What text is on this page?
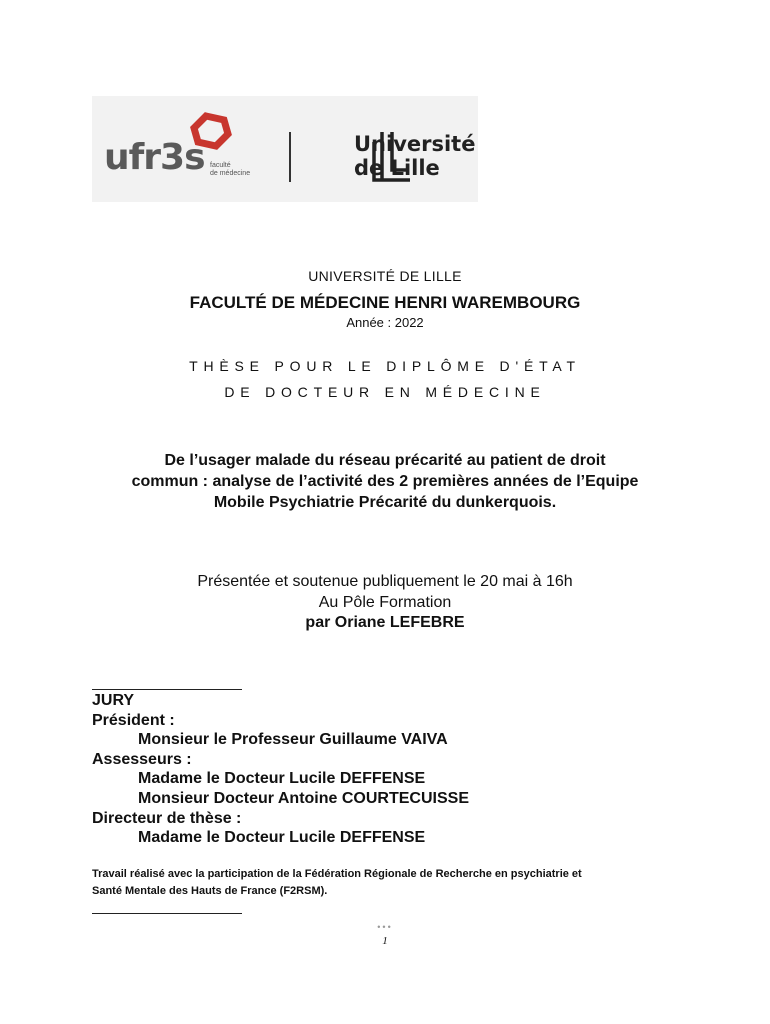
ufr3s faculté
de médecine
Université
de Lille
UNIVERSITÉ DE LILLE
FACULTÉ DE MÉDECINE HENRI WAREMBOURG
Année : 2022
THÈSE POUR LE DIPLÔME D'ÉTAT
DE DOCTEUR EN MÉDECINE
De l’usager malade du réseau précarité au patient de droit
commun : analyse de l’activité des 2 premières années de l’Equipe
Mobile Psychiatrie Précarité du dunkerquois.
Présentée et soutenue publiquement le 20 mai à 16h
Au Pôle Formation
par Oriane LEFEBRE
JURY
Président :
Monsieur le Professeur Guillaume VAIVA
Assesseurs :
Madame le Docteur Lucile DEFFENSE
Monsieur Docteur Antoine COURTECUISSE
Directeur de thèse :
Madame le Docteur Lucile DEFFENSE
Travail réalisé avec la participation de la Fédération Régionale de Recherche en psychiatrie et
Santé Mentale des Hauts de France (F2RSM).
•••
1
